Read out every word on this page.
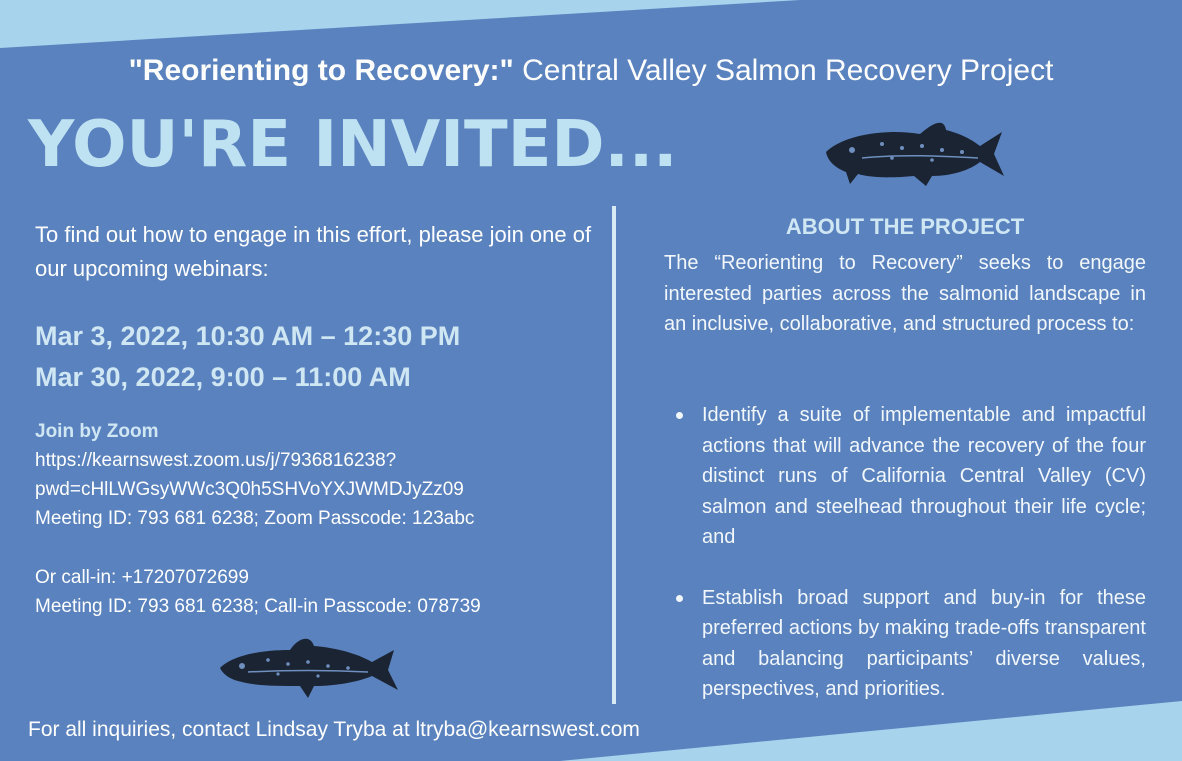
"Reorienting to Recovery:" Central Valley Salmon Recovery Project
YOU'RE INVITED...
To find out how to engage in this effort, please join one of our upcoming webinars:
Mar 3, 2022, 10:30 AM – 12:30 PM
Mar 30, 2022, 9:00 – 11:00 AM
Join by Zoom
https://kearnswest.zoom.us/j/7936816238?
pwd=cHlLWGsyWWc3Q0h5SHVoYXJWMDJyZz09
Meeting ID: 793 681 6238; Zoom Passcode: 123abc
Or call-in: +17207072699
Meeting ID: 793 681 6238; Call-in Passcode: 078739
ABOUT THE PROJECT
The “Reorienting to Recovery” seeks to engage interested parties across the salmonid landscape in an inclusive, collaborative, and structured process to:
Identify a suite of implementable and impactful actions that will advance the recovery of the four distinct runs of California Central Valley (CV) salmon and steelhead throughout their life cycle; and
Establish broad support and buy-in for these preferred actions by making trade-offs transparent and balancing participants’ diverse values, perspectives, and priorities.
For all inquiries, contact Lindsay Tryba at ltryba@kearnswest.com
